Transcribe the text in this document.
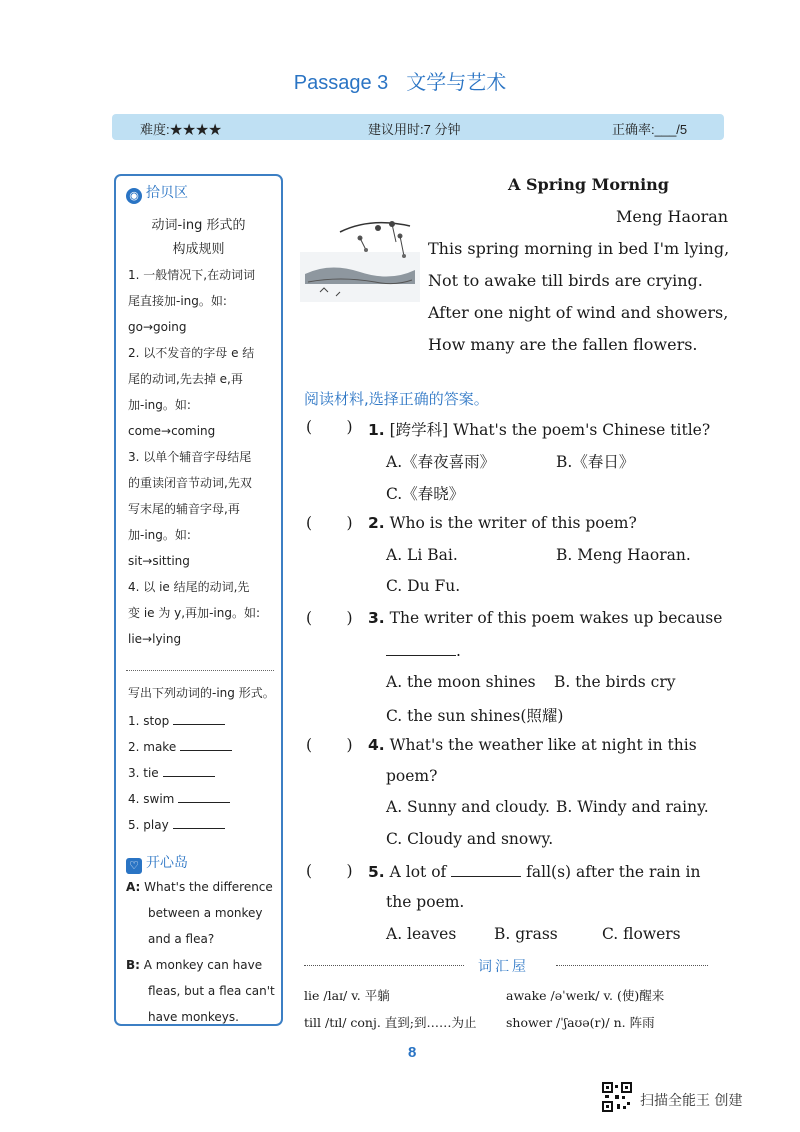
Passage 3 文学与艺术
难度:★★★★	建议用时:7 分钟	正确率:___/5
◉ 拾贝区
动词-ing 形式的
构成规则
1. 一般情况下,在动词词
尾直接加-ing。如:
go→going
2. 以不发音的字母 e 结
尾的动词,先去掉 e,再
加-ing。如:
come→coming
3. 以单个辅音字母结尾
的重读闭音节动词,先双
写末尾的辅音字母,再
加-ing。如:
sit→sitting
4. 以 ie 结尾的动词,先
变 ie 为 y,再加-ing。如:
lie→lying
写出下列动词的-ing 形式。
1. stop
2. make
3. tie
4. swim
5. play
♡ 开心岛
A: What's the difference
between a monkey
and a flea?
B: A monkey can have
fleas, but a flea can't
have monkeys.
A Spring Morning
Meng Haoran
This spring morning in bed I'm lying,
Not to awake till birds are crying.
After one night of wind and showers,
How many are the fallen flowers.
阅读材料,选择正确的答案。
(       ) 1. [跨学科] What's the poem's Chinese title?
A.《春夜喜雨》	B.《春日》
C.《春晓》
(       ) 2. Who is the writer of this poem?
A. Li Bai.	B. Meng Haoran.
C. Du Fu.
(       ) 3. The writer of this poem wakes up because
.
A. the moon shines B. the birds cry
C. the sun shines(照耀)
(       ) 4. What's the weather like at night in this
poem?
A. Sunny and cloudy. B. Windy and rainy.
C. Cloudy and snowy.
(       ) 5. A lot of	fall(s) after the rain in
the poem.
A. leaves B. grass	C. flowers
词汇屋
lie /laɪ/ v. 平躺	awake /əˈweɪk/ v. (使)醒来
till /tɪl/ conj. 直到;到……为止 shower /ˈʃaʊə(r)/ n. 阵雨
8
扫描全能王 创建
